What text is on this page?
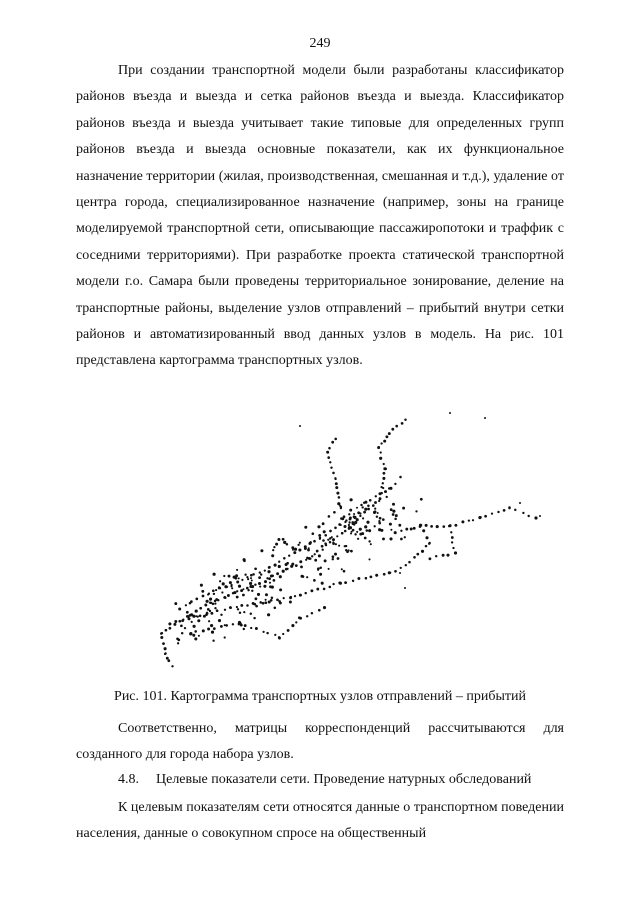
249

При создании транспортной модели были разработаны классификатор районов въезда и выезда и сетка районов въезда и выезда. Классификатор районов въезда и выезда учитывает такие типовые для определенных групп районов въезда и выезда основные показатели, как их функциональное назначение территории (жилая, производственная, смешанная и т.д.), удаление от центра города, специализированное назначение (например, зоны на границе моделируемой транспортной сети, описывающие пассажиропотоки и траффик с соседними территориями). При разработке проекта статической транспортной модели г.о. Самара были проведены территориальное зонирование, деление на транспортные районы, выделение узлов отправлений – прибытий внутри сетки районов и автоматизированный ввод данных узлов в модель. На рис. 101 представлена картограмма транспортных узлов.

Рис. 101. Картограмма транспортных узлов отправлений – прибытий

Соответственно, матрицы корреспонденций рассчитываются для созданного для города набора узлов.

4.8. Целевые показатели сети. Проведение натурных обследований

К целевым показателям сети относятся данные о транспортном поведении населения, данные о совокупном спросе на общественный
